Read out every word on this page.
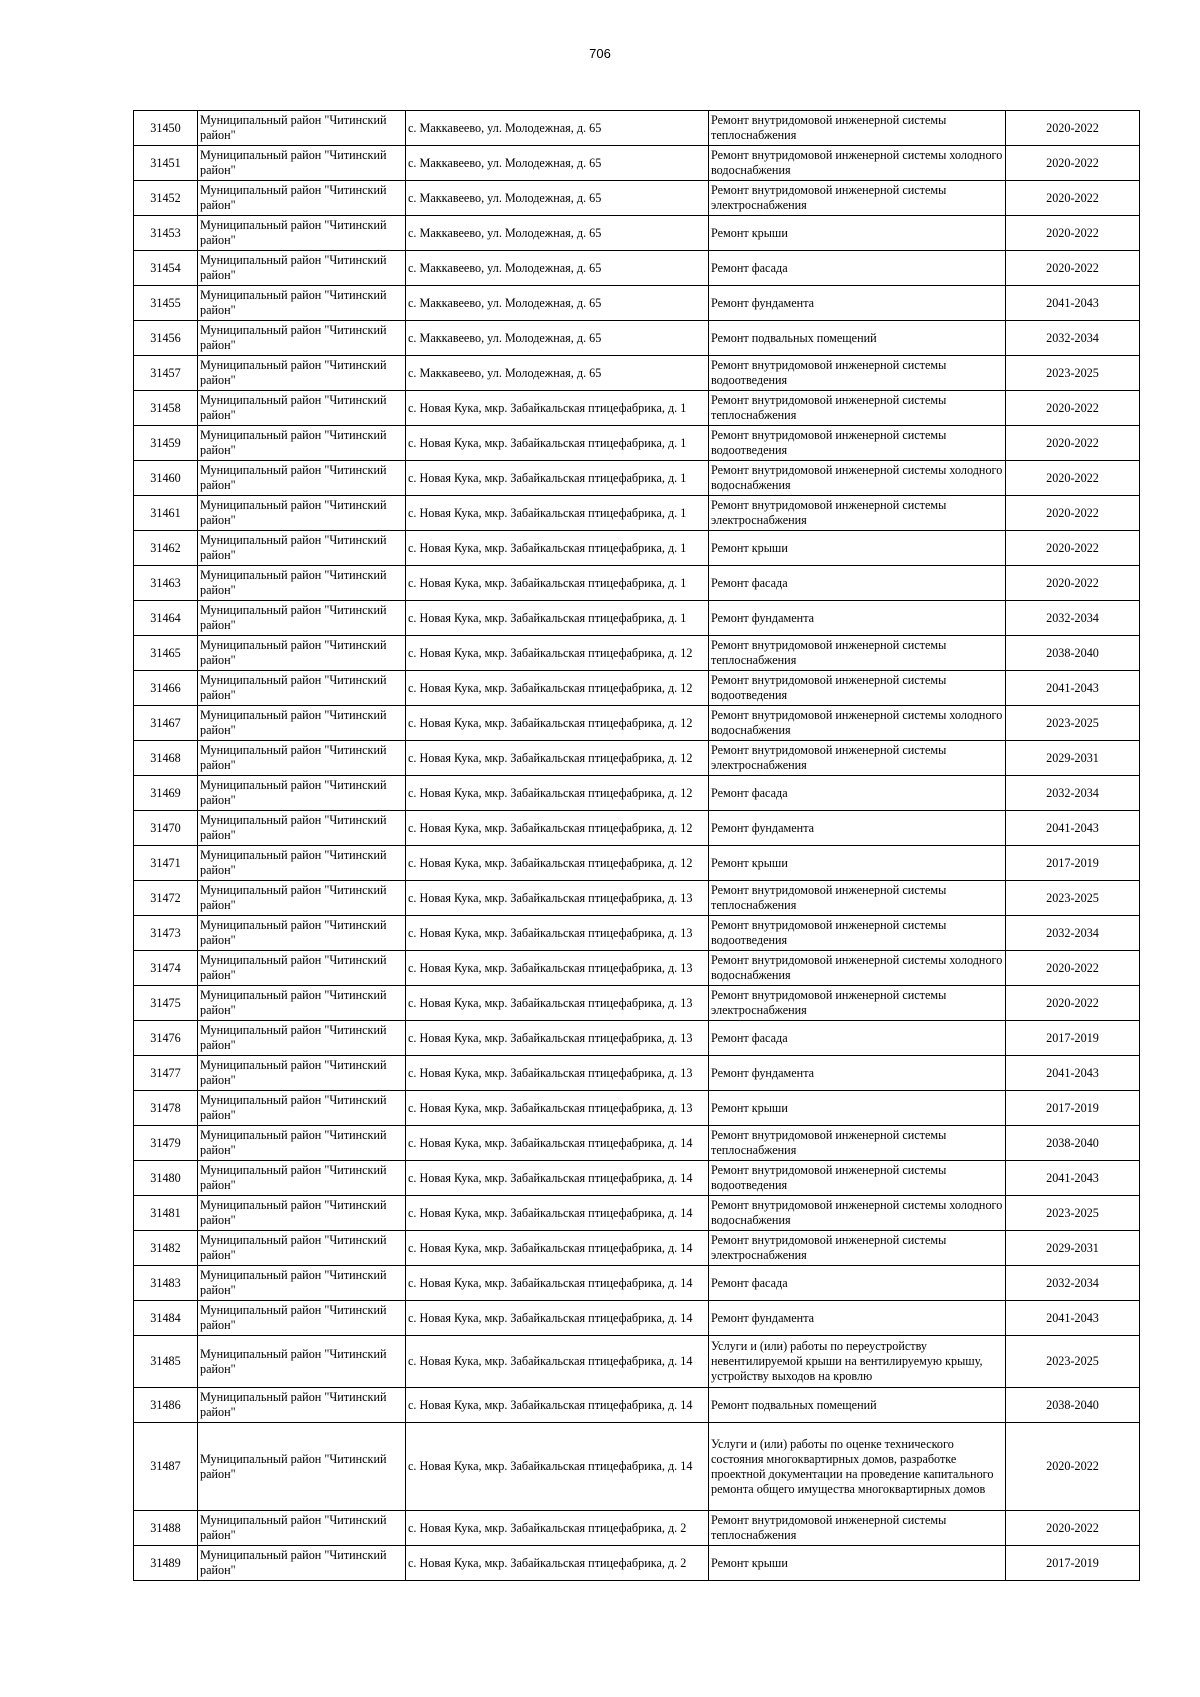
706
31450	Муниципальный район "Читинский район"	с. Маккавеево, ул. Молодежная, д. 65	Ремонт внутридомовой инженерной системы теплоснабжения	2020-2022
31451	Муниципальный район "Читинский район"	с. Маккавеево, ул. Молодежная, д. 65	Ремонт внутридомовой инженерной системы холодного водоснабжения	2020-2022
31452	Муниципальный район "Читинский район"	с. Маккавеево, ул. Молодежная, д. 65	Ремонт внутридомовой инженерной системы электроснабжения	2020-2022
31453	Муниципальный район "Читинский район"	с. Маккавеево, ул. Молодежная, д. 65	Ремонт крыши	2020-2022
31454	Муниципальный район "Читинский район"	с. Маккавеево, ул. Молодежная, д. 65	Ремонт фасада	2020-2022
31455	Муниципальный район "Читинский район"	с. Маккавеево, ул. Молодежная, д. 65	Ремонт фундамента	2041-2043
31456	Муниципальный район "Читинский район"	с. Маккавеево, ул. Молодежная, д. 65	Ремонт подвальных помещений	2032-2034
31457	Муниципальный район "Читинский район"	с. Маккавеево, ул. Молодежная, д. 65	Ремонт внутридомовой инженерной системы водоотведения	2023-2025
31458	Муниципальный район "Читинский район"	с. Новая Кука, мкр. Забайкальская птицефабрика, д. 1	Ремонт внутридомовой инженерной системы теплоснабжения	2020-2022
31459	Муниципальный район "Читинский район"	с. Новая Кука, мкр. Забайкальская птицефабрика, д. 1	Ремонт внутридомовой инженерной системы водоотведения	2020-2022
31460	Муниципальный район "Читинский район"	с. Новая Кука, мкр. Забайкальская птицефабрика, д. 1	Ремонт внутридомовой инженерной системы холодного водоснабжения	2020-2022
31461	Муниципальный район "Читинский район"	с. Новая Кука, мкр. Забайкальская птицефабрика, д. 1	Ремонт внутридомовой инженерной системы электроснабжения	2020-2022
31462	Муниципальный район "Читинский район"	с. Новая Кука, мкр. Забайкальская птицефабрика, д. 1	Ремонт крыши	2020-2022
31463	Муниципальный район "Читинский район"	с. Новая Кука, мкр. Забайкальская птицефабрика, д. 1	Ремонт фасада	2020-2022
31464	Муниципальный район "Читинский район"	с. Новая Кука, мкр. Забайкальская птицефабрика, д. 1	Ремонт фундамента	2032-2034
31465	Муниципальный район "Читинский район"	с. Новая Кука, мкр. Забайкальская птицефабрика, д. 12	Ремонт внутридомовой инженерной системы теплоснабжения	2038-2040
31466	Муниципальный район "Читинский район"	с. Новая Кука, мкр. Забайкальская птицефабрика, д. 12	Ремонт внутридомовой инженерной системы водоотведения	2041-2043
31467	Муниципальный район "Читинский район"	с. Новая Кука, мкр. Забайкальская птицефабрика, д. 12	Ремонт внутридомовой инженерной системы холодного водоснабжения	2023-2025
31468	Муниципальный район "Читинский район"	с. Новая Кука, мкр. Забайкальская птицефабрика, д. 12	Ремонт внутридомовой инженерной системы электроснабжения	2029-2031
31469	Муниципальный район "Читинский район"	с. Новая Кука, мкр. Забайкальская птицефабрика, д. 12	Ремонт фасада	2032-2034
31470	Муниципальный район "Читинский район"	с. Новая Кука, мкр. Забайкальская птицефабрика, д. 12	Ремонт фундамента	2041-2043
31471	Муниципальный район "Читинский район"	с. Новая Кука, мкр. Забайкальская птицефабрика, д. 12	Ремонт крыши	2017-2019
31472	Муниципальный район "Читинский район"	с. Новая Кука, мкр. Забайкальская птицефабрика, д. 13	Ремонт внутридомовой инженерной системы теплоснабжения	2023-2025
31473	Муниципальный район "Читинский район"	с. Новая Кука, мкр. Забайкальская птицефабрика, д. 13	Ремонт внутридомовой инженерной системы водоотведения	2032-2034
31474	Муниципальный район "Читинский район"	с. Новая Кука, мкр. Забайкальская птицефабрика, д. 13	Ремонт внутридомовой инженерной системы холодного водоснабжения	2020-2022
31475	Муниципальный район "Читинский район"	с. Новая Кука, мкр. Забайкальская птицефабрика, д. 13	Ремонт внутридомовой инженерной системы электроснабжения	2020-2022
31476	Муниципальный район "Читинский район"	с. Новая Кука, мкр. Забайкальская птицефабрика, д. 13	Ремонт фасада	2017-2019
31477	Муниципальный район "Читинский район"	с. Новая Кука, мкр. Забайкальская птицефабрика, д. 13	Ремонт фундамента	2041-2043
31478	Муниципальный район "Читинский район"	с. Новая Кука, мкр. Забайкальская птицефабрика, д. 13	Ремонт крыши	2017-2019
31479	Муниципальный район "Читинский район"	с. Новая Кука, мкр. Забайкальская птицефабрика, д. 14	Ремонт внутридомовой инженерной системы теплоснабжения	2038-2040
31480	Муниципальный район "Читинский район"	с. Новая Кука, мкр. Забайкальская птицефабрика, д. 14	Ремонт внутридомовой инженерной системы водоотведения	2041-2043
31481	Муниципальный район "Читинский район"	с. Новая Кука, мкр. Забайкальская птицефабрика, д. 14	Ремонт внутридомовой инженерной системы холодного водоснабжения	2023-2025
31482	Муниципальный район "Читинский район"	с. Новая Кука, мкр. Забайкальская птицефабрика, д. 14	Ремонт внутридомовой инженерной системы электроснабжения	2029-2031
31483	Муниципальный район "Читинский район"	с. Новая Кука, мкр. Забайкальская птицефабрика, д. 14	Ремонт фасада	2032-2034
31484	Муниципальный район "Читинский район"	с. Новая Кука, мкр. Забайкальская птицефабрика, д. 14	Ремонт фундамента	2041-2043
31485	Муниципальный район "Читинский район"	с. Новая Кука, мкр. Забайкальская птицефабрика, д. 14	Услуги и (или) работы по переустройству невентилируемой крыши на вентилируемую крышу, устройству выходов на кровлю	2023-2025
31486	Муниципальный район "Читинский район"	с. Новая Кука, мкр. Забайкальская птицефабрика, д. 14	Ремонт подвальных помещений	2038-2040
31487	Муниципальный район "Читинский район"	с. Новая Кука, мкр. Забайкальская птицефабрика, д. 14	Услуги и (или) работы по оценке технического состояния многоквартирных домов, разработке проектной документации на проведение капитального ремонта общего имущества многоквартирных домов	2020-2022
31488	Муниципальный район "Читинский район"	с. Новая Кука, мкр. Забайкальская птицефабрика, д. 2	Ремонт внутридомовой инженерной системы теплоснабжения	2020-2022
31489	Муниципальный район "Читинский район"	с. Новая Кука, мкр. Забайкальская птицефабрика, д. 2	Ремонт крыши	2017-2019
